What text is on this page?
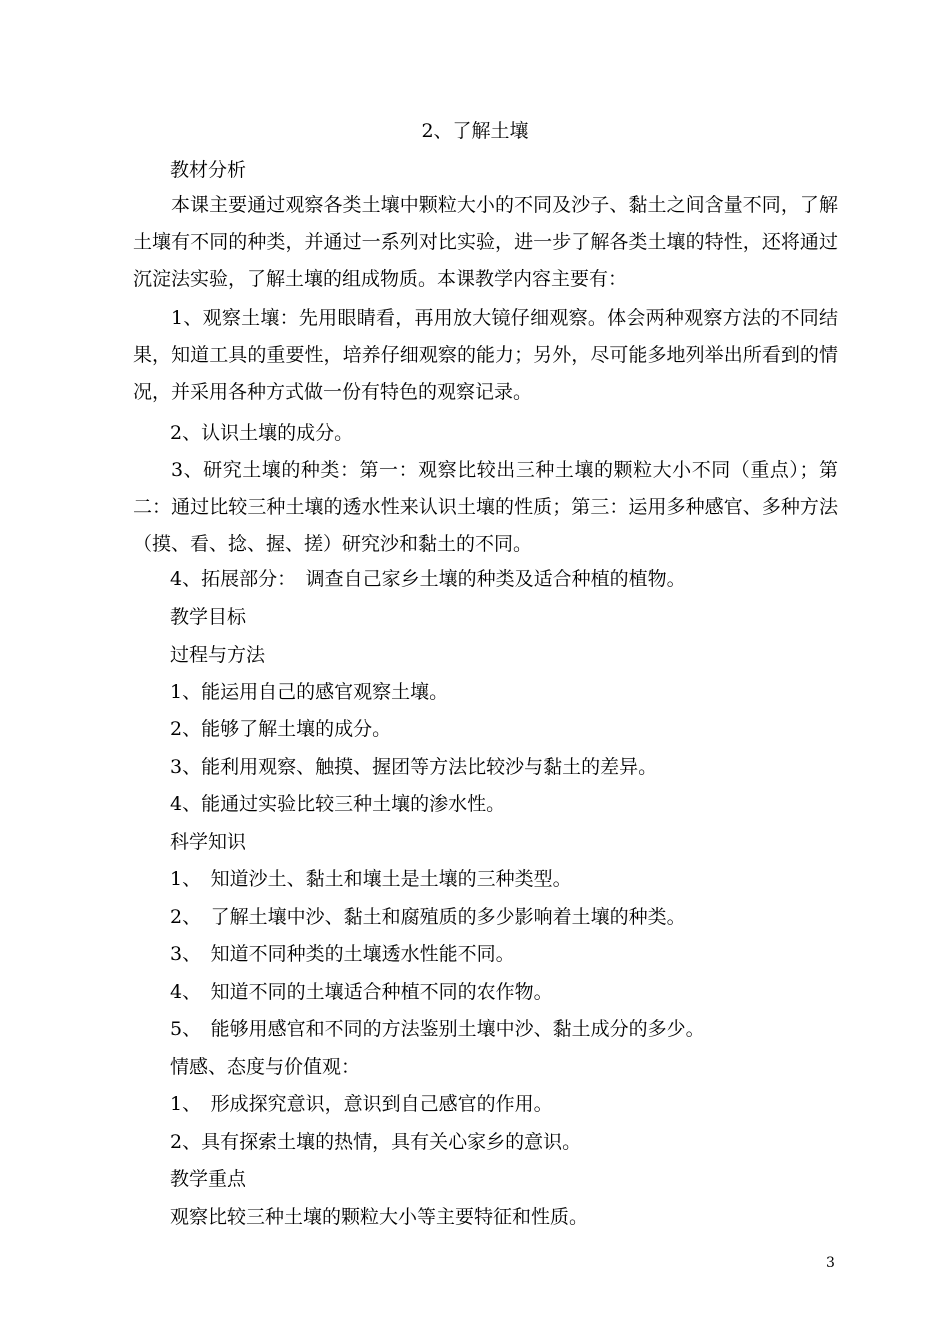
2、了解土壤
教材分析
本课主要通过观察各类土壤中颗粒大小的不同及沙子、黏土之间含量不同，了解土壤有不同的种类，并通过一系列对比实验，进一步了解各类土壤的特性，还将通过沉淀法实验，了解土壤的组成物质。本课教学内容主要有：
1、观察土壤：先用眼睛看，再用放大镜仔细观察。体会两种观察方法的不同结果，知道工具的重要性，培养仔细观察的能力；另外，尽可能多地列举出所看到的情况，并采用各种方式做一份有特色的观察记录。
2、认识土壤的成分。
3、研究土壤的种类：第一：观察比较出三种土壤的颗粒大小不同（重点）；第二：通过比较三种土壤的透水性来认识土壤的性质；第三：运用多种感官、多种方法（摸、看、捻、握、搓）研究沙和黏土的不同。
4、拓展部分：　调查自己家乡土壤的种类及适合种植的植物。
教学目标
过程与方法
1、能运用自己的感官观察土壤。
2、能够了解土壤的成分。
3、能利用观察、触摸、握团等方法比较沙与黏土的差异。
4、能通过实验比较三种土壤的渗水性。
科学知识
1、　知道沙土、黏土和壤土是土壤的三种类型。
2、　了解土壤中沙、黏土和腐殖质的多少影响着土壤的种类。
3、　知道不同种类的土壤透水性能不同。
4、　知道不同的土壤适合种植不同的农作物。
5、　能够用感官和不同的方法鉴别土壤中沙、黏土成分的多少。
情感、态度与价值观：
1、　形成探究意识，意识到自己感官的作用。
2、具有探索土壤的热情，具有关心家乡的意识。
教学重点
观察比较三种土壤的颗粒大小等主要特征和性质。
3
